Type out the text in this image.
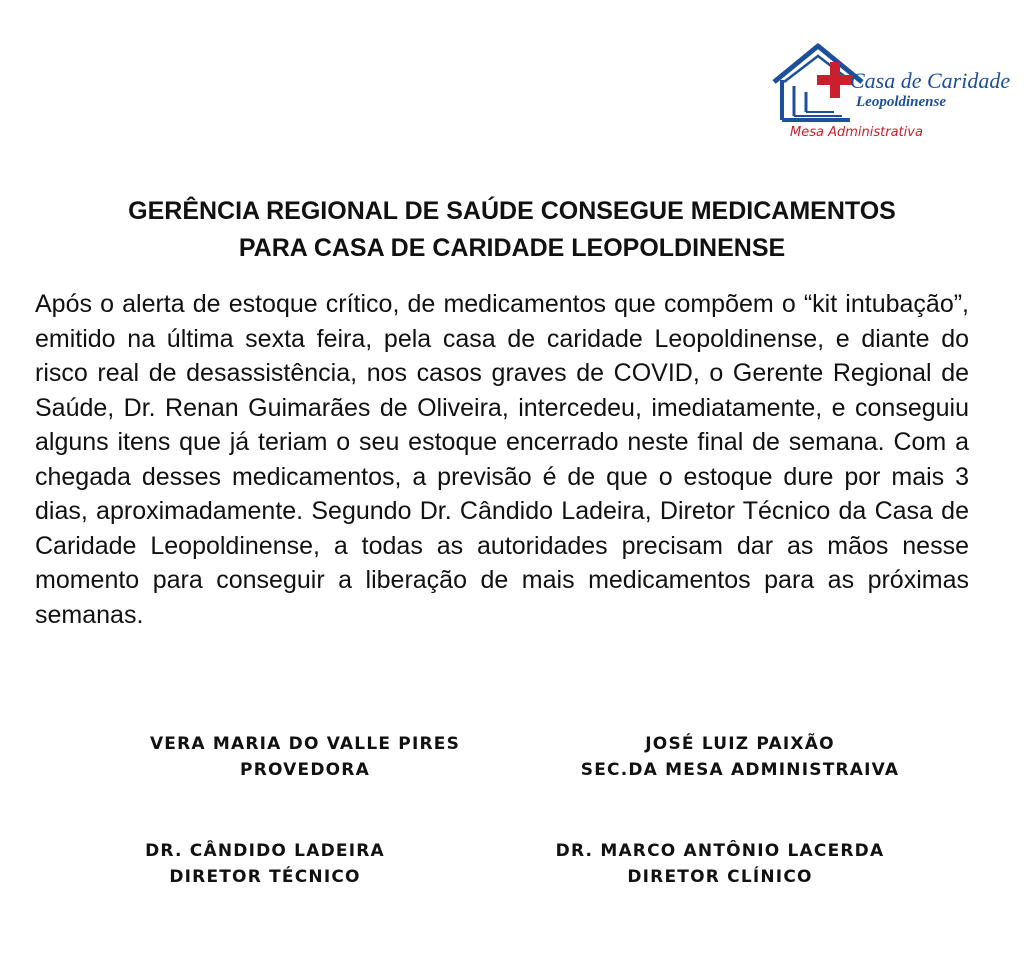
Casa de Caridade
Leopoldinense
Mesa Administrativa
GERÊNCIA REGIONAL DE SAÚDE CONSEGUE MEDICAMENTOS
PARA CASA DE CARIDADE LEOPOLDINENSE

Após o alerta de estoque crítico, de medicamentos que compõem o “kit intubação”, emitido na última sexta feira, pela casa de caridade Leopoldinense, e diante do risco real de desassistência, nos casos graves de COVID, o Gerente Regional de Saúde, Dr. Renan Guimarães de Oliveira, intercedeu, imediatamente, e conseguiu alguns itens que já teriam o seu estoque encerrado neste final de semana. Com a chegada desses medicamentos, a previsão é de que o estoque dure por mais 3 dias, aproximadamente. Segundo Dr. Cândido Ladeira, Diretor Técnico da Casa de Caridade Leopoldinense, a todas as autoridades precisam dar as mãos nesse momento para conseguir a liberação de mais medicamentos para as próximas semanas.

VERA MARIA DO VALLE PIRES
PROVEDORA
JOSÉ LUIZ PAIXÃO
SEC.DA MESA ADMINISTRAIVA
DR. CÂNDIDO LADEIRA
DIRETOR TÉCNICO
DR. MARCO ANTÔNIO LACERDA
DIRETOR CLÍNICO
